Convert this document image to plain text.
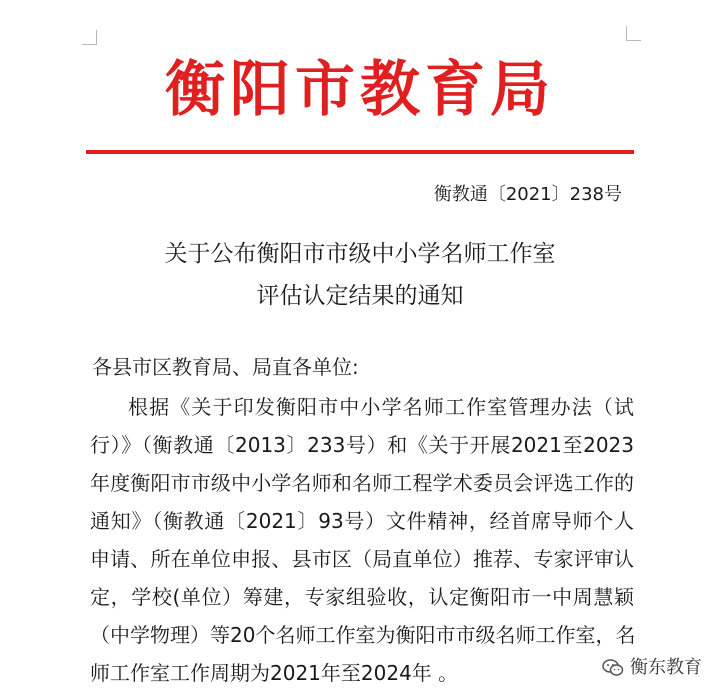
衡阳市教育局
衡教通〔2021〕238号
关于公布衡阳市市级中小学名师工作室
评估认定结果的通知
各县市区教育局、局直各单位:
根据《关于印发衡阳市中小学名师工作室管理办法（试
行）》（衡教通〔2013〕233号）和《关于开展2021至2023
年度衡阳市市级中小学名师和名师工程学术委员会评选工作的
通知》（衡教通〔2021〕93号）文件精神，经首席导师个人
申请、所在单位申报、县市区（局直单位）推荐、专家评审认
定，学校(单位）筹建，专家组验收，认定衡阳市一中周慧颖
（中学物理）等20个名师工作室为衡阳市市级名师工作室，名
师工作室工作周期为2021年至2024年 。	衡东教育
